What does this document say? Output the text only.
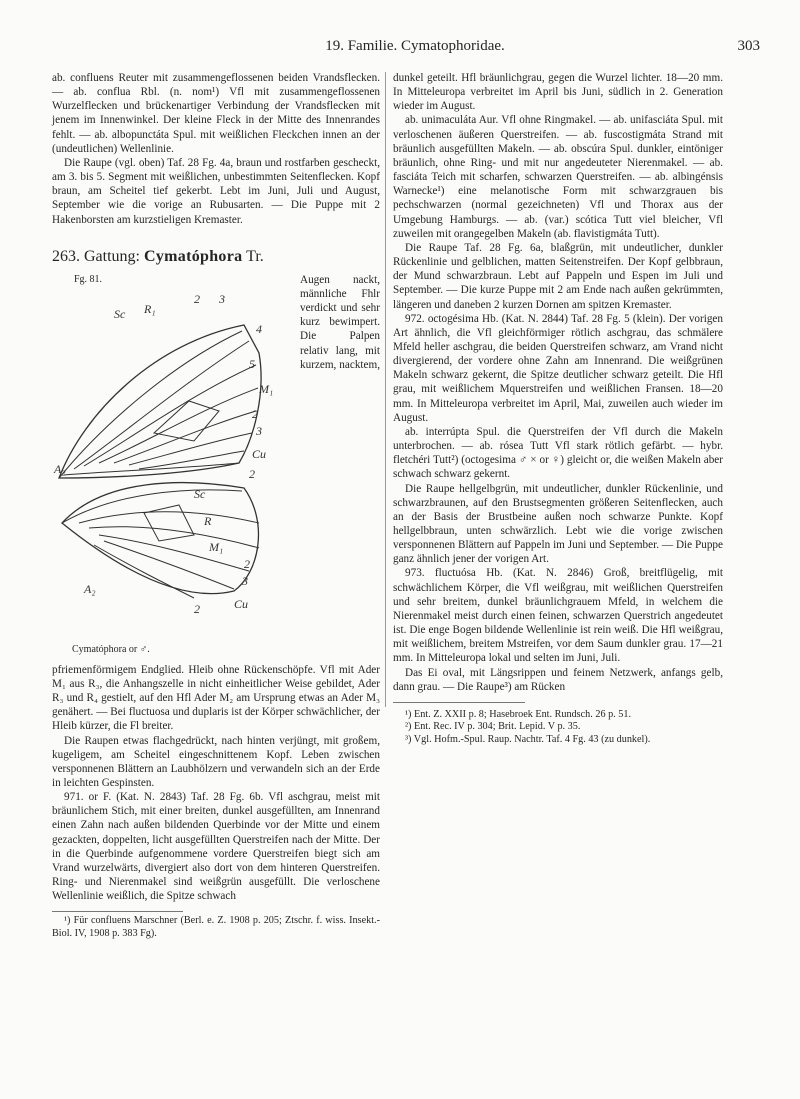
19. Familie. Cymatophoridae.	303

ab. confluens Reuter mit zusammengeflossenen beiden Vrandsflecken. — ab. conflua Rbl. (n. nom¹) Vfl mit zusammengeflossenen Wurzelflecken und brückenartiger Verbindung der Vrandsflecken mit jenem im Innenwinkel. Der kleine Fleck in der Mitte des Innenrandes fehlt. — ab. albopunctáta Spul. mit weißlichen Fleckchen innen an der (undeutlichen) Wellenlinie.

Die Raupe (vgl. oben) Taf. 28 Fg. 4a, braun und rostfarben gescheckt, am 3. bis 5. Segment mit weißlichen, unbestimmten Seitenflecken. Kopf braun, am Scheitel tief gekerbt. Lebt im Juni, Juli und August, September wie die vorige an Rubusarten. — Die Puppe mit 2 Hakenborsten am kurzstieligen Kremaster.

263. Gattung: Cymatóphora Tr.
Fg. 81.
Sc R₁
2 3
4
5
M₁
2
3
Cu
2
A₂
Sc
R
M₁
2
3
Cu
2
A₂
Cymatóphora or ♂.

Augen nackt, männliche Fhlr verdickt und sehr kurz bewimpert. Die Palpen relativ lang, mit kurzem, nacktem, pfriemenförmigem Endglied. Hleib ohne Rückenschöpfe. Vfl mit Ader M₁ aus R₃, die Anhangszelle in nicht einheitlicher Weise gebildet, Ader R₃ und R₄ gestielt, auf den Hfl Ader M₂ am Ursprung etwas an Ader M₃ genähert. — Bei fluctuosa und duplaris ist der Körper schwächlicher, der Hleib kürzer, die Fl breiter.

Die Raupen etwas flachgedrückt, nach hinten verjüngt, mit großem, kugeligem, am Scheitel eingeschnittenem Kopf. Leben zwischen versponnenen Blättern an Laubhölzern und verwandeln sich an der Erde in leichten Gespinsten.

971. or F. (Kat. N. 2843) Taf. 28 Fg. 6b. Vfl aschgrau, meist mit bräunlichem Stich, mit einer breiten, dunkel ausgefüllten, am Innenrand einen Zahn nach außen bildenden Querbinde vor der Mitte und einem gezackten, doppelten, licht ausgefüllten Querstreifen nach der Mitte. Der in die Querbinde aufgenommene vordere Querstreifen biegt sich am Vrand wurzelwärts, divergiert also dort von dem hinteren Querstreifen. Ring- und Nierenmakel sind weißgrün ausgefüllt. Die verloschene Wellenlinie weißlich, die Spitze schwach

¹) Für confluens Marschner (Berl. e. Z. 1908 p. 205; Ztschr. f. wiss. Insekt.-Biol. IV, 1908 p. 383 Fg).

dunkel geteilt. Hfl bräunlichgrau, gegen die Wurzel lichter. 18—20 mm. In Mitteleuropa verbreitet im April bis Juni, südlich in 2. Generation wieder im August.

ab. unimaculáta Aur. Vfl ohne Ringmakel. — ab. unifasciáta Spul. mit verloschenen äußeren Querstreifen. — ab. fuscostigmáta Strand mit bräunlich ausgefüllten Makeln. — ab. obscúra Spul. dunkler, eintöniger bräunlich, ohne Ring- und mit nur angedeuteter Nierenmakel. — ab. fasciáta Teich mit scharfen, schwarzen Querstreifen. — ab. albingénsis Warnecke¹) eine melanotische Form mit schwarzgrauen bis pechschwarzen (normal gezeichneten) Vfl und Thorax aus der Umgebung Hamburgs. — ab. (var.) scótica Tutt viel bleicher, Vfl zuweilen mit orangegelben Makeln (ab. flavistigmáta Tutt).

Die Raupe Taf. 28 Fg. 6a, blaßgrün, mit undeutlicher, dunkler Rückenlinie und gelblichen, matten Seitenstreifen. Der Kopf gelbbraun, der Mund schwarzbraun. Lebt auf Pappeln und Espen im Juli und September. — Die kurze Puppe mit 2 am Ende nach außen gekrümmten, längeren und daneben 2 kurzen Dornen am spitzen Kremaster.

972. octogésima Hb. (Kat. N. 2844) Taf. 28 Fg. 5 (klein). Der vorigen Art ähnlich, die Vfl gleichförmiger rötlich aschgrau, das schmälere Mfeld heller aschgrau, die beiden Querstreifen schwarz, am Vrand nicht divergierend, der vordere ohne Zahn am Innenrand. Die weißgrünen Makeln schwarz gekernt, die Spitze deutlicher schwarz geteilt. Die Hfl grau, mit weißlichem Mquerstreifen und weißlichen Fransen. 18—20 mm. In Mitteleuropa verbreitet im April, Mai, zuweilen auch wieder im August.

ab. interrúpta Spul. die Querstreifen der Vfl durch die Makeln unterbrochen. — ab. rósea Tutt Vfl stark rötlich gefärbt. — hybr. fletchéri Tutt²) (octogesima ♂ × or ♀) gleicht or, die weißen Makeln aber schwach schwarz gekernt.

Die Raupe hellgelbgrün, mit undeutlicher, dunkler Rückenlinie, und schwarzbraunen, auf den Brustsegmenten größeren Seitenflecken, auch an der Basis der Brustbeine außen noch schwarze Punkte. Kopf hellgelbbraun, unten schwärzlich. Lebt wie die vorige zwischen versponnenen Blättern auf Pappeln im Juni und September. — Die Puppe ganz ähnlich jener der vorigen Art.

973. fluctuósa Hb. (Kat. N. 2846) Groß, breitflügelig, mit schwächlichem Körper, die Vfl weißgrau, mit weißlichen Querstreifen und sehr breitem, dunkel bräunlichgrauem Mfeld, in welchem die Nierenmakel meist durch einen feinen, schwarzen Querstrich angedeutet ist. Die enge Bogen bildende Wellenlinie ist rein weiß. Die Hfl weißgrau, mit weißlichem, breitem Mstreifen, vor dem Saum dunkler grau. 17—21 mm. In Mitteleuropa lokal und selten im Juni, Juli.

Das Ei oval, mit Längsrippen und feinem Netzwerk, anfangs gelb, dann grau. — Die Raupe³) am Rücken

¹) Ent. Z. XXII p. 8; Hasebroek Ent. Rundsch. 26 p. 51.

²) Ent. Rec. IV p. 304; Brit. Lepid. V p. 35.

³) Vgl. Hofm.-Spul. Raup. Nachtr. Taf. 4 Fg. 43 (zu dunkel).
